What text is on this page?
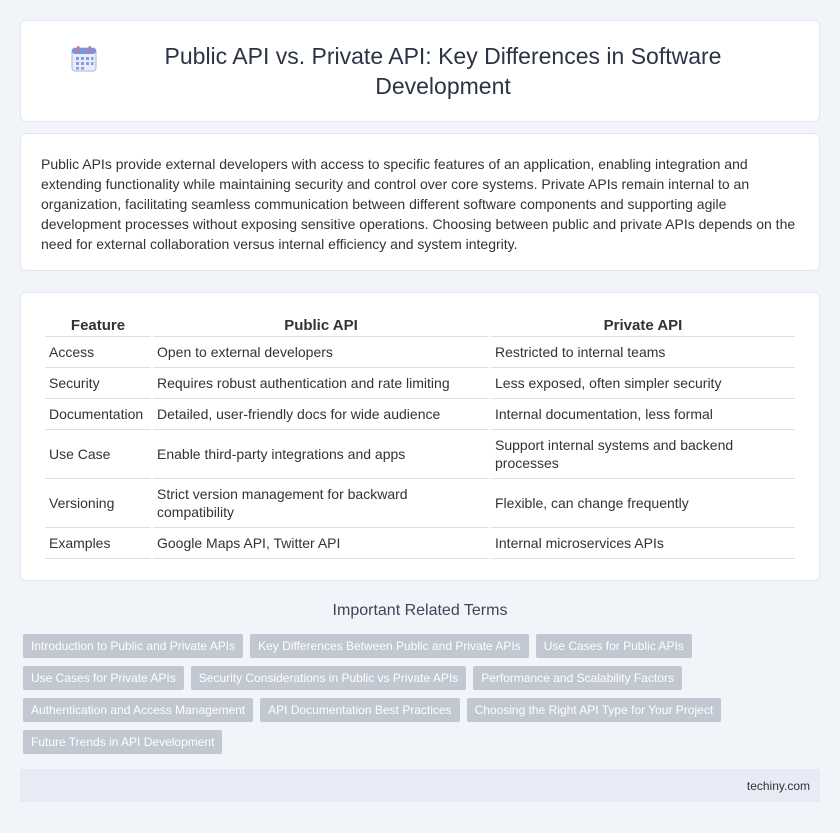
Public API vs. Private API: Key Differences in Software Development

Public APIs provide external developers with access to specific features of an application, enabling integration and extending functionality while maintaining security and control over core systems. Private APIs remain internal to an organization, facilitating seamless communication between different software components and supporting agile development processes without exposing sensitive operations. Choosing between public and private APIs depends on the need for external collaboration versus internal efficiency and system integrity.

Feature	Public API	Private API
Access	Open to external developers	Restricted to internal teams
Security	Requires robust authentication and rate limiting	Less exposed, often simpler security
Documentation	Detailed, user-friendly docs for wide audience	Internal documentation, less formal
Use Case	Enable third-party integrations and apps	Support internal systems and backend processes
Versioning	Strict version management for backward compatibility	Flexible, can change frequently
Examples	Google Maps API, Twitter API	Internal microservices APIs
Important Related Terms
Introduction to Public and Private APIs	Key Differences Between Public and Private APIs	Use Cases for Public APIs
Use Cases for Private APIs	Security Considerations in Public vs Private APIs	Performance and Scalability Factors
Authentication and Access Management	API Documentation Best Practices	Choosing the Right API Type for Your Project
Future Trends in API Development
techiny.com
